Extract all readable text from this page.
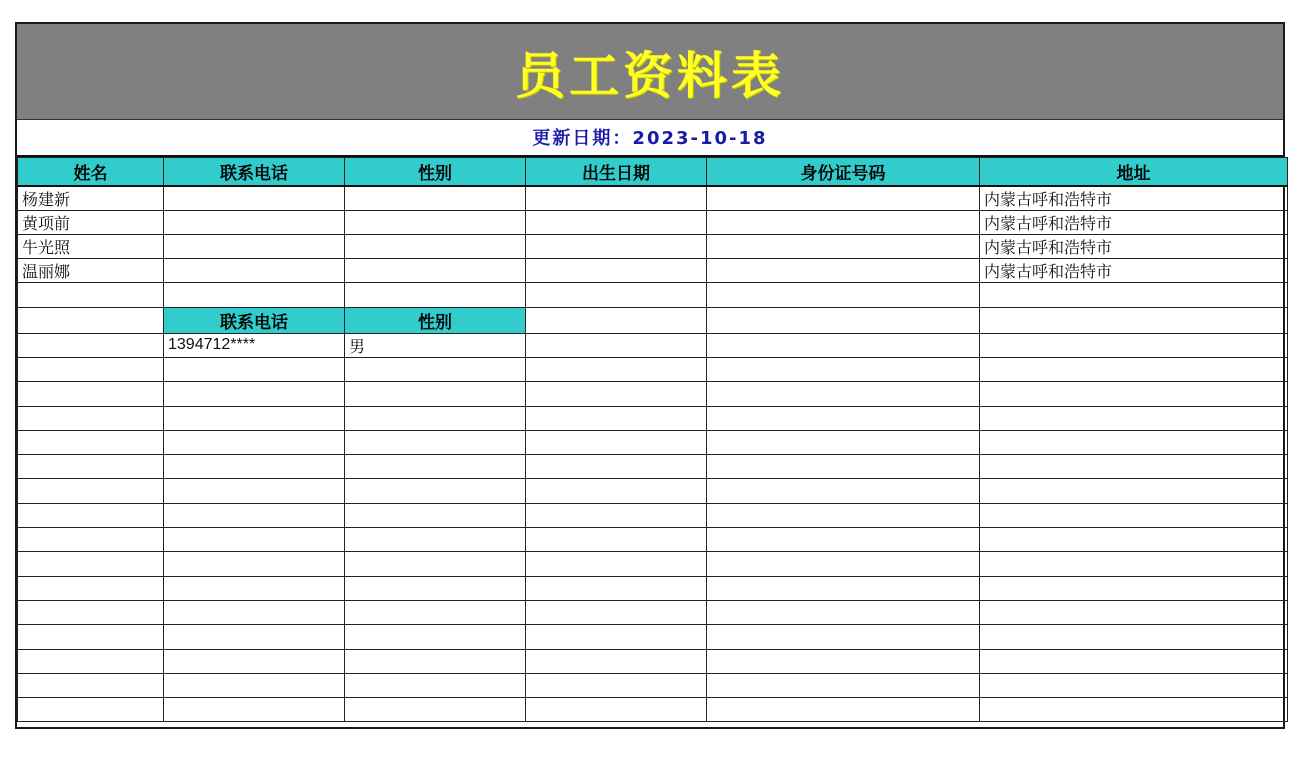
员工资料表
更新日期：2023-10-18
姓名	联系电话	性别	出生日期	身份证号码	地址
杨建新					内蒙古呼和浩特市
黄项前					内蒙古呼和浩特市
牛光照					内蒙古呼和浩特市
温丽娜					内蒙古呼和浩特市

	联系电话	性别			
	1394712****	男			
